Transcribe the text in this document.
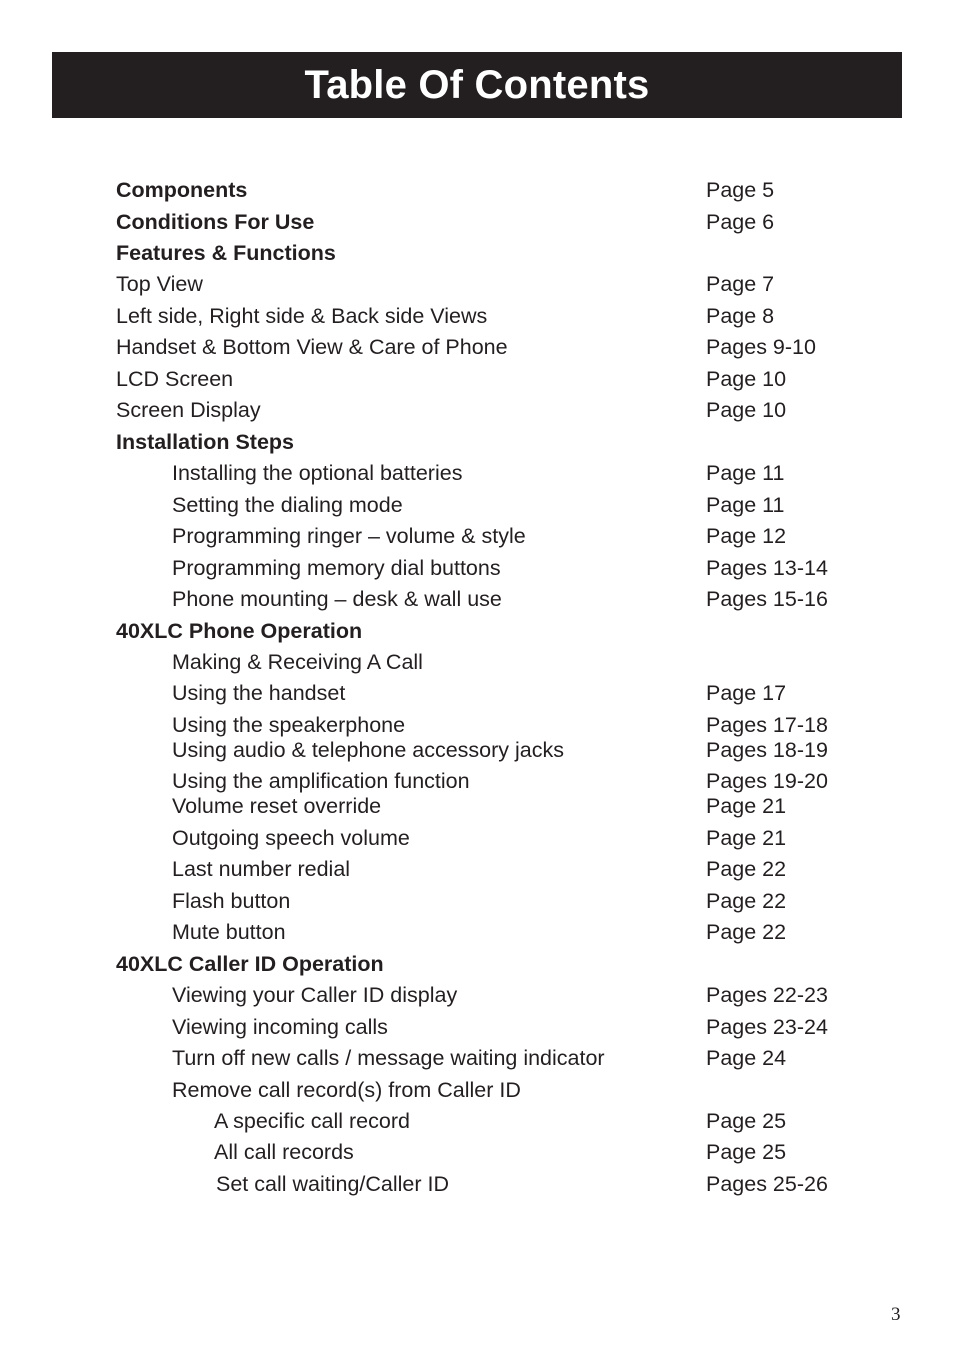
Table Of Contents
Components	Page 5
Conditions For Use	Page 6
Features & Functions
Top View	Page 7
Left side, Right side & Back side Views	Page 8
Handset & Bottom View & Care of Phone	Pages 9-10
LCD Screen	Page 10
Screen Display	Page 10
Installation Steps
Installing the optional batteries	Page 11
Setting the dialing mode	Page 11
Programming ringer – volume & style	Page 12
Programming memory dial buttons	Pages 13-14
Phone mounting – desk & wall use	Pages 15-16
40XLC Phone Operation
Making & Receiving A Call
Using the handset	Page 17
Using the speakerphone	Pages 17-18
Using audio & telephone accessory jacks	Pages 18-19
Using the amplification function	Pages 19-20
Volume reset override	Page 21
Outgoing speech volume	Page 21
Last number redial	Page 22
Flash button	Page 22
Mute button	Page 22
40XLC Caller ID Operation
Viewing your Caller ID display	Pages 22-23
Viewing incoming calls	Pages 23-24
Turn off new calls / message waiting indicator	Page 24
Remove call record(s) from Caller ID
A specific call record	Page 25
All call records	Page 25
Set call waiting/Caller ID	Pages 25-26
3
